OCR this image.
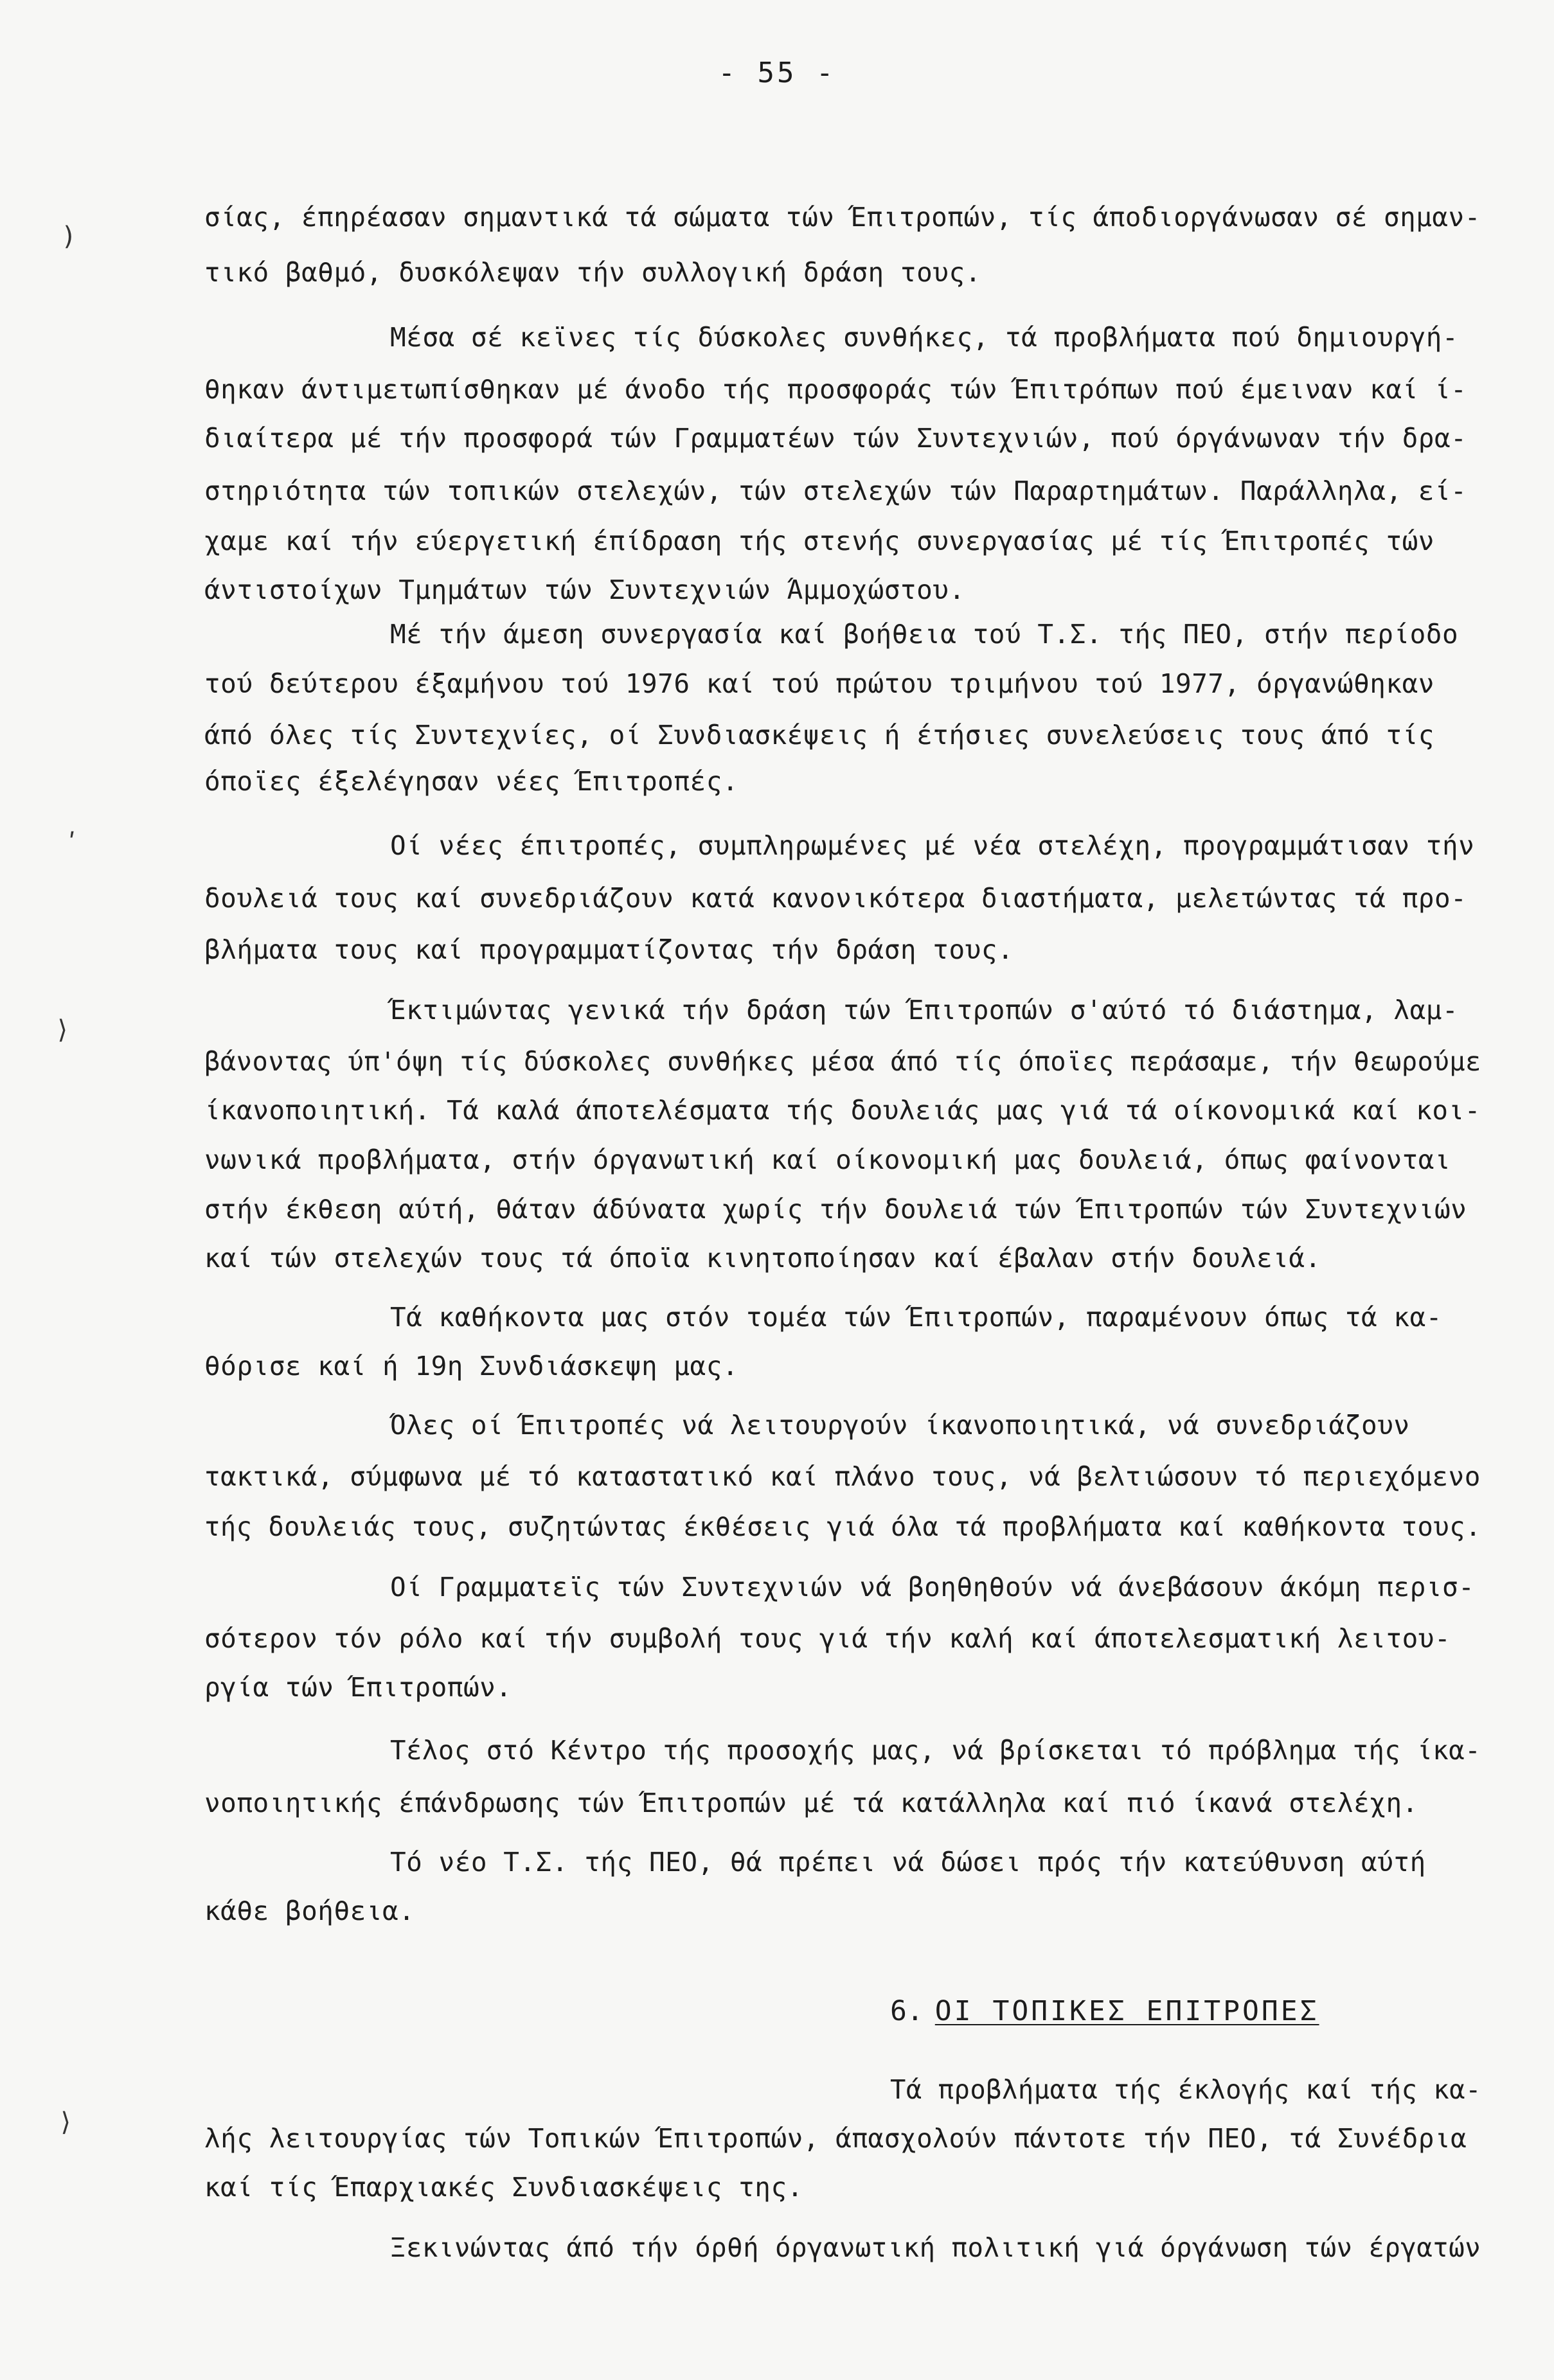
- 55 -
)
ʹ
⟩
⟩
σίας, έπηρέασαν σημαντικά τά σώματα τών Έπιτροπών, τίς άποδιοργάνωσαν σέ σημαν-
τικό βαθμό, δυσκόλεψαν τήν συλλογική δράση τους.
Μέσα σέ κεϊνες τίς δύσκολες συνθήκες, τά προβλήματα πού δημιουργή-
θηκαν άντιμετωπίσθηκαν μέ άνοδο τής προσφοράς τών Έπιτρόπων πού έμειναν καί ί-
διαίτερα μέ τήν προσφορά τών Γραμματέων τών Συντεχνιών, πού όργάνωναν τήν δρα-
στηριότητα τών τοπικών στελεχών, τών στελεχών τών Παραρτημάτων. Παράλληλα, εί-
χαμε καί τήν εύεργετική έπίδραση τής στενής συνεργασίας μέ τίς Έπιτροπές τών
άντιστοίχων Τμημάτων τών Συντεχνιών Άμμοχώστου.
Μέ τήν άμεση συνεργασία καί βοήθεια τού Τ.Σ. τής ΠΕΟ, στήν περίοδο
τού δεύτερου έξαμήνου τού 1976 καί τού πρώτου τριμήνου τού 1977, όργανώθηκαν
άπό όλες τίς Συντεχνίες, οί Συνδιασκέψεις ή έτήσιες συνελεύσεις τους άπό τίς
όποϊες έξελέγησαν νέες Έπιτροπές.
Οί νέες έπιτροπές, συμπληρωμένες μέ νέα στελέχη, προγραμμάτισαν τήν
δουλειά τους καί συνεδριάζουν κατά κανονικότερα διαστήματα, μελετώντας τά προ-
βλήματα τους καί προγραμματίζοντας τήν δράση τους.
Έκτιμώντας γενικά τήν δράση τών Έπιτροπών σ'αύτό τό διάστημα, λαμ-
βάνοντας ύπ'όψη τίς δύσκολες συνθήκες μέσα άπό τίς όποϊες περάσαμε, τήν θεωρούμε
ίκανοποιητική. Τά καλά άποτελέσματα τής δουλειάς μας γιά τά οίκονομικά καί κοι-
νωνικά προβλήματα, στήν όργανωτική καί οίκονομική μας δουλειά, όπως φαίνονται
στήν έκθεση αύτή, θάταν άδύνατα χωρίς τήν δουλειά τών Έπιτροπών τών Συντεχνιών
καί τών στελεχών τους τά όποϊα κινητοποίησαν καί έβαλαν στήν δουλειά.
Τά καθήκοντα μας στόν τομέα τών Έπιτροπών, παραμένουν όπως τά κα-
θόρισε καί ή 19η Συνδιάσκεψη μας.
Όλες οί Έπιτροπές νά λειτουργούν ίκανοποιητικά, νά συνεδριάζουν
τακτικά, σύμφωνα μέ τό καταστατικό καί πλάνο τους, νά βελτιώσουν τό περιεχόμενο
τής δουλειάς τους, συζητώντας έκθέσεις γιά όλα τά προβλήματα καί καθήκοντα τους.
Οί Γραμματεϊς τών Συντεχνιών νά βοηθηθούν νά άνεβάσουν άκόμη περισ-
σότερον τόν ρόλο καί τήν συμβολή τους γιά τήν καλή καί άποτελεσματική λειτου-
ργία τών Έπιτροπών.
Τέλος στό Κέντρο τής προσοχής μας, νά βρίσκεται τό πρόβλημα τής ίκα-
νοποιητικής έπάνδρωσης τών Έπιτροπών μέ τά κατάλληλα καί πιό ίκανά στελέχη.
Τό νέο Τ.Σ. τής ΠΕΟ, θά πρέπει νά δώσει πρός τήν κατεύθυνση αύτή
κάθε βοήθεια.
6. ΟΙ ΤΟΠΙΚΕΣ ΕΠΙΤΡΟΠΕΣ
Τά προβλήματα τής έκλογής καί τής κα-
λής λειτουργίας τών Τοπικών Έπιτροπών, άπασχολούν πάντοτε τήν ΠΕΟ, τά Συνέδρια
καί τίς Έπαρχιακές Συνδιασκέψεις της.
Ξεκινώντας άπό τήν όρθή όργανωτική πολιτική γιά όργάνωση τών έργατών
